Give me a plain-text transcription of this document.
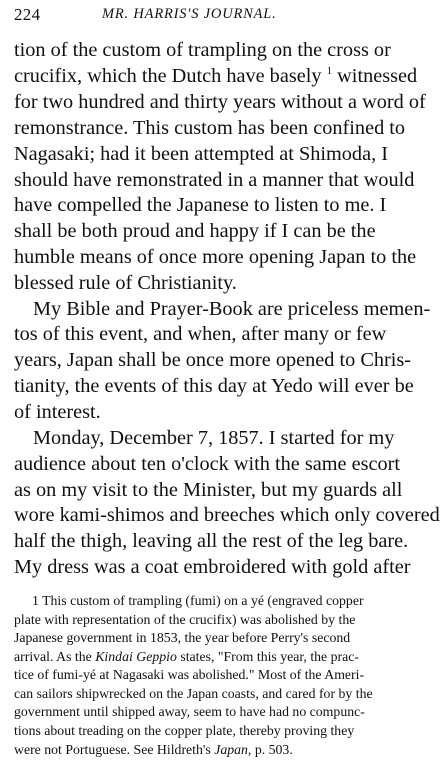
224	MR. HARRIS'S JOURNAL.
tion of the custom of trampling on the cross or
crucifix, which the Dutch have basely $^1$ witnessed
for two hundred and thirty years without a word of
remonstrance. This custom has been confined to
Nagasaki; had it been attempted at Shimoda, I
should have remonstrated in a manner that would
have compelled the Japanese to listen to me. I
shall be both proud and happy if I can be the
humble means of once more opening Japan to the
blessed rule of Christianity.
My Bible and Prayer-Book are priceless memen-
tos of this event, and when, after many or few
years, Japan shall be once more opened to Chris-
tianity, the events of this day at Yedo will ever be
of interest.
Monday, December 7, 1857. I started for my
audience about ten o'clock with the same escort
as on my visit to the Minister, but my guards all
wore kami-shimos and breeches which only covered
half the thigh, leaving all the rest of the leg bare.
My dress was a coat embroidered with gold after
1 This custom of trampling (fumi) on a yé (engraved copper
plate with representation of the crucifix) was abolished by the
Japanese government in 1853, the year before Perry's second
arrival. As the Kindai Geppio states, "From this year, the prac-
tice of fumi-yé at Nagasaki was abolished." Most of the Ameri-
can sailors shipwrecked on the Japan coasts, and cared for by the
government until shipped away, seem to have had no compunc-
tions about treading on the copper plate, thereby proving they
were not Portuguese. See Hildreth's Japan, p. 503.
